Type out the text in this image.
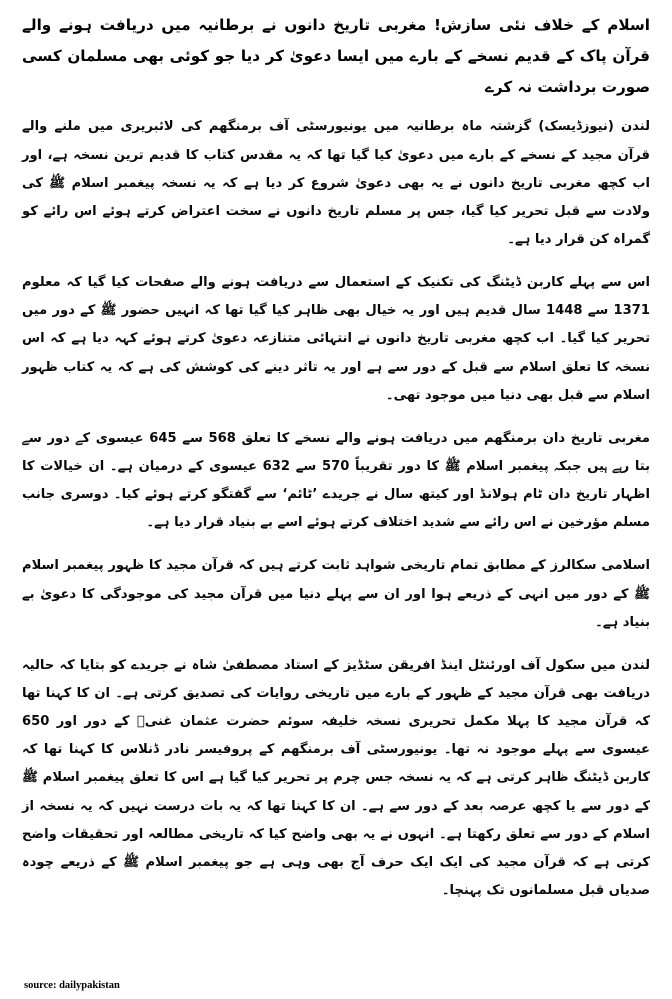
اسلام کے خلاف نئی سازش! مغربی تاریخ دانوں نے برطانیہ میں دریافت ہونے والے قرآن پاک کے قدیم نسخے کے بارے میں ایسا دعویٰ کر دیا جو کوئی بھی مسلمان کسی صورت برداشت نہ کرے

لندن (نیوزڈیسک) گزشتہ ماہ برطانیہ میں یونیورسٹی آف برمنگھم کی لائبریری میں ملنے والے قرآن مجید کے نسخے کے بارے میں دعویٰ کیا گیا تھا کہ یہ مقدس کتاب کا قدیم ترین نسخہ ہے، اور اب کچھ مغربی تاریخ دانوں نے یہ بھی دعویٰ شروع کر دیا ہے کہ یہ نسخہ پیغمبر اسلام ﷺ کی ولادت سے قبل تحریر کیا گیا، جس پر مسلم تاریخ دانوں نے سخت اعتراض کرتے ہوئے اس رائے کو گمراہ کن قرار دیا ہے۔

اس سے پہلے کاربن ڈیٹنگ کی تکنیک کے استعمال سے دریافت ہونے والے صفحات کیا گیا کہ معلوم 1371 سے 1448 سال قدیم ہیں اور یہ خیال بھی ظاہر کیا گیا تھا کہ انہیں حضور ﷺ کے دور میں تحریر کیا گیا۔ اب کچھ مغربی تاریخ دانوں نے انتہائی متنازعہ دعویٰ کرتے ہوئے کہہ دیا ہے کہ اس نسخہ کا تعلق اسلام سے قبل کے دور سے ہے اور یہ تاثر دینے کی کوشش کی ہے کہ یہ کتاب ظہور اسلام سے قبل بھی دنیا میں موجود تھی۔

مغربی تاریخ دان برمنگھم میں دریافت ہونے والے نسخے کا تعلق 568 سے 645 عیسوی کے دور سے بتا رہے ہیں جبکہ پیغمبر اسلام ﷺ کا دور تقریباً 570 سے 632 عیسوی کے درمیان ہے۔ ان خیالات کا اظہار تاریخ دان ٹام ہولانڈ اور کیتھ سال نے جریدے ’ٹائم‘ سے گفتگو کرتے ہوئے کیا۔ دوسری جانب مسلم مؤرخین نے اس رائے سے شدید اختلاف کرتے ہوئے اسے بے بنیاد قرار دیا ہے۔

اسلامی سکالرز کے مطابق تمام تاریخی شواہد ثابت کرتے ہیں کہ قرآن مجید کا ظہور پیغمبر اسلام ﷺ کے دور میں انہی کے ذریعے ہوا اور ان سے پہلے دنیا میں قرآن مجید کی موجودگی کا دعویٰ بے بنیاد ہے۔

لندن میں سکول آف اورئنٹل اینڈ افریقن سٹڈیز کے استاد مصطفیٰ شاہ نے جریدے کو بتایا کہ حالیہ دریافت بھی قرآن مجید کے ظہور کے بارے میں تاریخی روایات کی تصدیق کرتی ہے۔ ان کا کہنا تھا کہ قرآن مجید کا پہلا مکمل تحریری نسخہ خلیفہ سوئم حضرت عثمان غنیؓ کے دور اور 650 عیسوی سے پہلے موجود نہ تھا۔ یونیورسٹی آف برمنگھم کے پروفیسر نادر ڈنلاس کا کہنا تھا کہ کاربن ڈیٹنگ ظاہر کرتی ہے کہ یہ نسخہ جس چرم پر تحریر کیا گیا ہے اس کا تعلق پیغمبر اسلام ﷺ کے دور سے یا کچھ عرصہ بعد کے دور سے ہے۔ ان کا کہنا تھا کہ یہ بات درست نہیں کہ یہ نسخہ از اسلام کے دور سے تعلق رکھتا ہے۔ انہوں نے یہ بھی واضح کیا کہ تاریخی مطالعہ اور تحقیقات واضح کرتی ہے کہ قرآن مجید کی ایک ایک حرف آج بھی وہی ہے جو پیغمبر اسلام ﷺ کے ذریعے چودہ صدیاں قبل مسلمانوں تک پہنچا۔

source: dailypakistan
